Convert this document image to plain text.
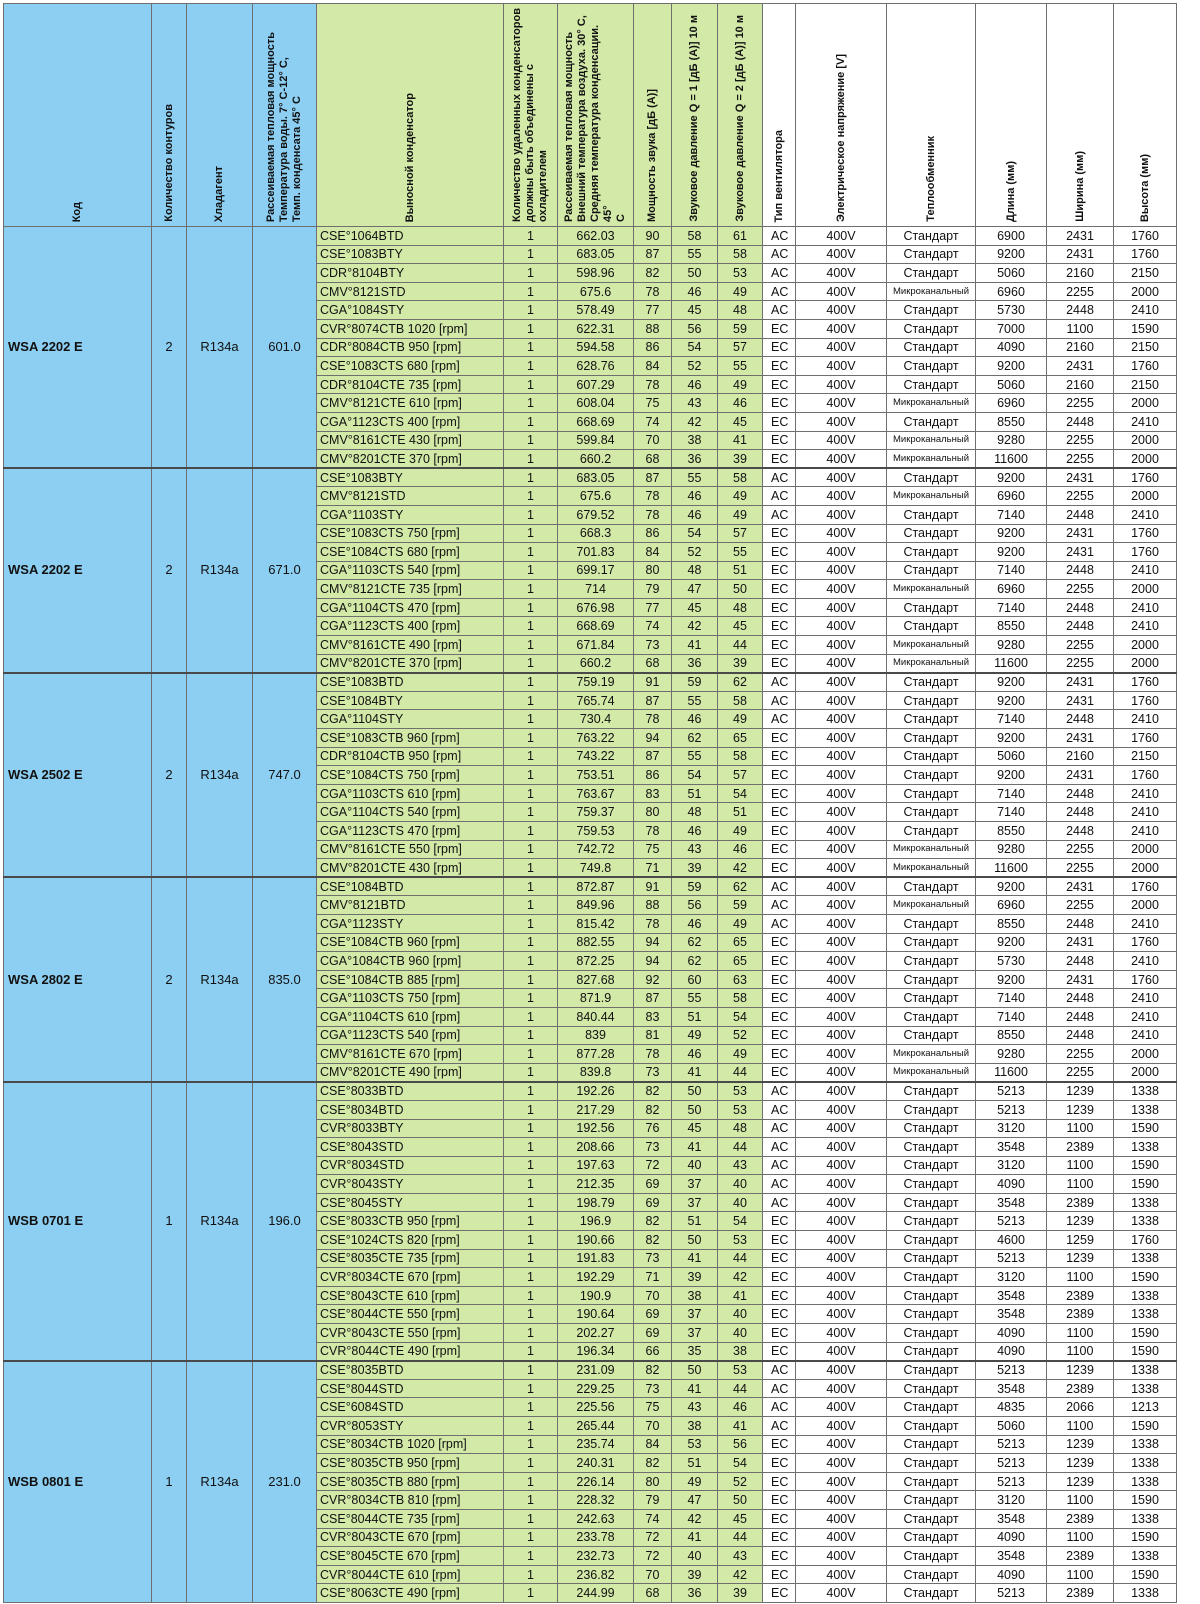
Код	Количество контуров	Хладагент	Рассеиваемая тепловая мощность
Температура воды. 7° C-12° C,
Темп. конденсата 45° C	Выносной конденсатор	Количество удаленных конденсаторов
должны быть объединены с
охладителем	Рассеиваемая тепловая мощность
Внешний температура воздуха. 30° C,
Средняя температура конденсации. 45°
C	Мощность звука [дБ (A)]	Звуковое давление Q = 1 [дБ (A)] 10 м	Звуковое давление Q = 2 [дБ (A)] 10 м	Тип вентилятора	Электрическое напряжение [V]	Теплообменник	Длина (мм)	Ширина (мм)	Высота (мм)

WSA 2202 E	2	R134a	601.0	CSE°1064BTD	1	662.03	90	58	61	AC	400V	Стандарт	6900	2431	1760
				CSE°1083BTY	1	683.05	87	55	58	AC	400V	Стандарт	9200	2431	1760
				CDR°8104BTY	1	598.96	82	50	53	AC	400V	Стандарт	5060	2160	2150
				CMV°8121STD	1	675.6	78	46	49	AC	400V	Микроканальный	6960	2255	2000
				CGA°1084STY	1	578.49	77	45	48	AC	400V	Стандарт	5730	2448	2410
				CVR°8074CTB 1020 [rpm]	1	622.31	88	56	59	EC	400V	Стандарт	7000	1100	1590
				CDR°8084CTB 950 [rpm]	1	594.58	86	54	57	EC	400V	Стандарт	4090	2160	2150
				CSE°1083CTS 680 [rpm]	1	628.76	84	52	55	EC	400V	Стандарт	9200	2431	1760
				CDR°8104CTE 735 [rpm]	1	607.29	78	46	49	EC	400V	Стандарт	5060	2160	2150
				CMV°8121CTE 610 [rpm]	1	608.04	75	43	46	EC	400V	Микроканальный	6960	2255	2000
				CGA°1123CTS 400 [rpm]	1	668.69	74	42	45	EC	400V	Стандарт	8550	2448	2410
				CMV°8161CTE 430 [rpm]	1	599.84	70	38	41	EC	400V	Микроканальный	9280	2255	2000
				CMV°8201CTE 370 [rpm]	1	660.2	68	36	39	EC	400V	Микроканальный	11600	2255	2000
WSA 2202 E	2	R134a	671.0	CSE°1083BTY	1	683.05	87	55	58	AC	400V	Стандарт	9200	2431	1760
				CMV°8121STD	1	675.6	78	46	49	AC	400V	Микроканальный	6960	2255	2000
				CGA°1103STY	1	679.52	78	46	49	AC	400V	Стандарт	7140	2448	2410
				CSE°1083CTS 750 [rpm]	1	668.3	86	54	57	EC	400V	Стандарт	9200	2431	1760
				CSE°1084CTS 680 [rpm]	1	701.83	84	52	55	EC	400V	Стандарт	9200	2431	1760
				CGA°1103CTS 540 [rpm]	1	699.17	80	48	51	EC	400V	Стандарт	7140	2448	2410
				CMV°8121CTE 735 [rpm]	1	714	79	47	50	EC	400V	Микроканальный	6960	2255	2000
				CGA°1104CTS 470 [rpm]	1	676.98	77	45	48	EC	400V	Стандарт	7140	2448	2410
				CGA°1123CTS 400 [rpm]	1	668.69	74	42	45	EC	400V	Стандарт	8550	2448	2410
				CMV°8161CTE 490 [rpm]	1	671.84	73	41	44	EC	400V	Микроканальный	9280	2255	2000
				CMV°8201CTE 370 [rpm]	1	660.2	68	36	39	EC	400V	Микроканальный	11600	2255	2000
WSA 2502 E	2	R134a	747.0	CSE°1083BTD	1	759.19	91	59	62	AC	400V	Стандарт	9200	2431	1760
				CSE°1084BTY	1	765.74	87	55	58	AC	400V	Стандарт	9200	2431	1760
				CGA°1104STY	1	730.4	78	46	49	AC	400V	Стандарт	7140	2448	2410
				CSE°1083CTB 960 [rpm]	1	763.22	94	62	65	EC	400V	Стандарт	9200	2431	1760
				CDR°8104CTB 950 [rpm]	1	743.22	87	55	58	EC	400V	Стандарт	5060	2160	2150
				CSE°1084CTS 750 [rpm]	1	753.51	86	54	57	EC	400V	Стандарт	9200	2431	1760
				CGA°1103CTS 610 [rpm]	1	763.67	83	51	54	EC	400V	Стандарт	7140	2448	2410
				CGA°1104CTS 540 [rpm]	1	759.37	80	48	51	EC	400V	Стандарт	7140	2448	2410
				CGA°1123CTS 470 [rpm]	1	759.53	78	46	49	EC	400V	Стандарт	8550	2448	2410
				CMV°8161CTE 550 [rpm]	1	742.72	75	43	46	EC	400V	Микроканальный	9280	2255	2000
				CMV°8201CTE 430 [rpm]	1	749.8	71	39	42	EC	400V	Микроканальный	11600	2255	2000
WSA 2802 E	2	R134a	835.0	CSE°1084BTD	1	872.87	91	59	62	AC	400V	Стандарт	9200	2431	1760
				CMV°8121BTD	1	849.96	88	56	59	AC	400V	Микроканальный	6960	2255	2000
				CGA°1123STY	1	815.42	78	46	49	AC	400V	Стандарт	8550	2448	2410
				CSE°1084CTB 960 [rpm]	1	882.55	94	62	65	EC	400V	Стандарт	9200	2431	1760
				CGA°1084CTB 960 [rpm]	1	872.25	94	62	65	EC	400V	Стандарт	5730	2448	2410
				CSE°1084CTB 885 [rpm]	1	827.68	92	60	63	EC	400V	Стандарт	9200	2431	1760
				CGA°1103CTS 750 [rpm]	1	871.9	87	55	58	EC	400V	Стандарт	7140	2448	2410
				CGA°1104CTS 610 [rpm]	1	840.44	83	51	54	EC	400V	Стандарт	7140	2448	2410
				CGA°1123CTS 540 [rpm]	1	839	81	49	52	EC	400V	Стандарт	8550	2448	2410
				CMV°8161CTE 670 [rpm]	1	877.28	78	46	49	EC	400V	Микроканальный	9280	2255	2000
				CMV°8201CTE 490 [rpm]	1	839.8	73	41	44	EC	400V	Микроканальный	11600	2255	2000
WSB 0701 E	1	R134a	196.0	CSE°8033BTD	1	192.26	82	50	53	AC	400V	Стандарт	5213	1239	1338
				CSE°8034BTD	1	217.29	82	50	53	AC	400V	Стандарт	5213	1239	1338
				CVR°8033BTY	1	192.56	76	45	48	AC	400V	Стандарт	3120	1100	1590
				CSE°8043STD	1	208.66	73	41	44	AC	400V	Стандарт	3548	2389	1338
				CVR°8034STD	1	197.63	72	40	43	AC	400V	Стандарт	3120	1100	1590
				CVR°8043STY	1	212.35	69	37	40	AC	400V	Стандарт	4090	1100	1590
				CSE°8045STY	1	198.79	69	37	40	AC	400V	Стандарт	3548	2389	1338
				CSE°8033CTB 950 [rpm]	1	196.9	82	51	54	EC	400V	Стандарт	5213	1239	1338
				CSE°1024CTS 820 [rpm]	1	190.66	82	50	53	EC	400V	Стандарт	4600	1259	1760
				CSE°8035CTE 735 [rpm]	1	191.83	73	41	44	EC	400V	Стандарт	5213	1239	1338
				CVR°8034CTE 670 [rpm]	1	192.29	71	39	42	EC	400V	Стандарт	3120	1100	1590
				CSE°8043CTE 610 [rpm]	1	190.9	70	38	41	EC	400V	Стандарт	3548	2389	1338
				CSE°8044CTE 550 [rpm]	1	190.64	69	37	40	EC	400V	Стандарт	3548	2389	1338
				CVR°8043CTE 550 [rpm]	1	202.27	69	37	40	EC	400V	Стандарт	4090	1100	1590
				CVR°8044CTE 490 [rpm]	1	196.34	66	35	38	EC	400V	Стандарт	4090	1100	1590
WSB 0801 E	1	R134a	231.0	CSE°8035BTD	1	231.09	82	50	53	AC	400V	Стандарт	5213	1239	1338
				CSE°8044STD	1	229.25	73	41	44	AC	400V	Стандарт	3548	2389	1338
				CSE°6084STD	1	225.56	75	43	46	AC	400V	Стандарт	4835	2066	1213
				CVR°8053STY	1	265.44	70	38	41	AC	400V	Стандарт	5060	1100	1590
				CSE°8034CTB 1020 [rpm]	1	235.74	84	53	56	EC	400V	Стандарт	5213	1239	1338
				CSE°8035CTB 950 [rpm]	1	240.31	82	51	54	EC	400V	Стандарт	5213	1239	1338
				CSE°8035CTB 880 [rpm]	1	226.14	80	49	52	EC	400V	Стандарт	5213	1239	1338
				CVR°8034CTB 810 [rpm]	1	228.32	79	47	50	EC	400V	Стандарт	3120	1100	1590
				CSE°8044CTE 735 [rpm]	1	242.63	74	42	45	EC	400V	Стандарт	3548	2389	1338
				CVR°8043CTE 670 [rpm]	1	233.78	72	41	44	EC	400V	Стандарт	4090	1100	1590
				CSE°8045CTE 670 [rpm]	1	232.73	72	40	43	EC	400V	Стандарт	3548	2389	1338
				CVR°8044CTE 610 [rpm]	1	236.82	70	39	42	EC	400V	Стандарт	4090	1100	1590
				CSE°8063CTE 490 [rpm]	1	244.99	68	36	39	EC	400V	Стандарт	5213	2389	1338
